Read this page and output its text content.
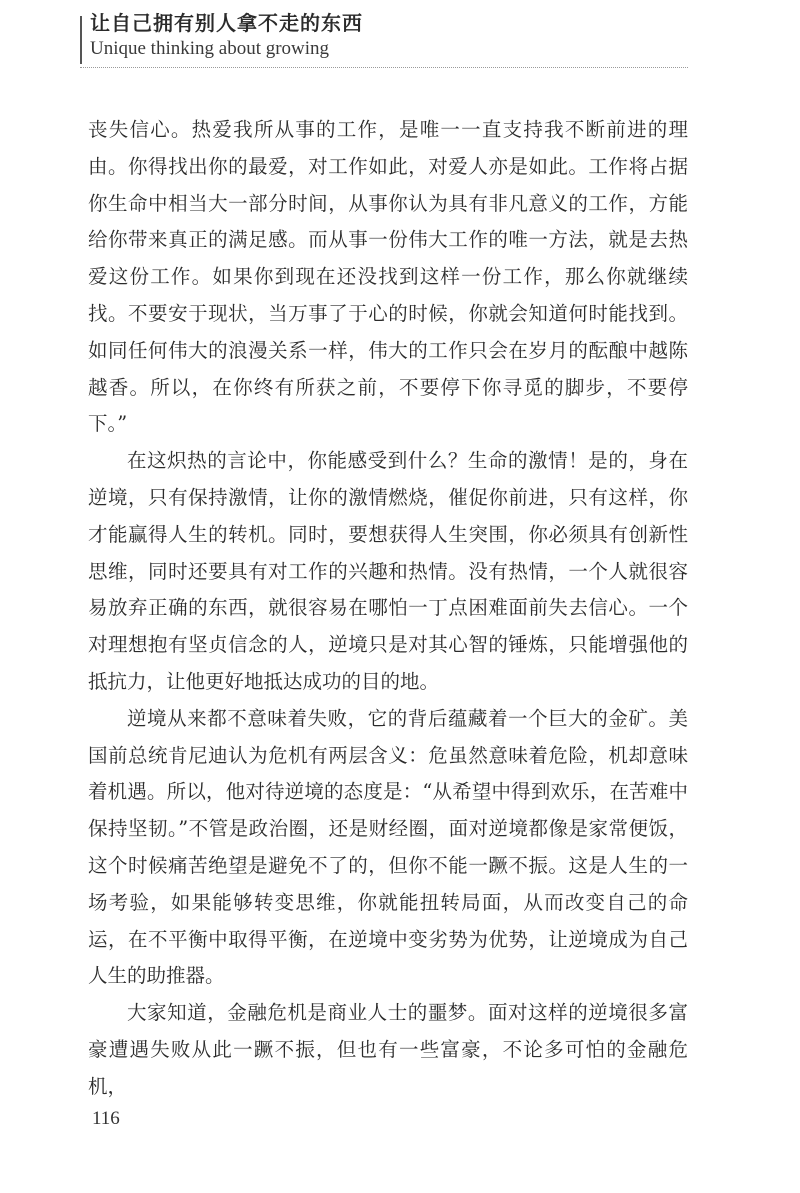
让自己拥有别人拿不走的东西
Unique thinking about growing

丧失信心。热爱我所从事的工作，是唯一一直支持我不断前进的理由。你得找出你的最爱，对工作如此，对爱人亦是如此。工作将占据你生命中相当大一部分时间，从事你认为具有非凡意义的工作，方能给你带来真正的满足感。而从事一份伟大工作的唯一方法，就是去热爱这份工作。如果你到现在还没找到这样一份工作，那么你就继续找。不要安于现状，当万事了于心的时候，你就会知道何时能找到。如同任何伟大的浪漫关系一样，伟大的工作只会在岁月的酝酿中越陈越香。所以，在你终有所获之前，不要停下你寻觅的脚步，不要停下。”

在这炽热的言论中，你能感受到什么？生命的激情！是的，身在逆境，只有保持激情，让你的激情燃烧，催促你前进，只有这样，你才能赢得人生的转机。同时，要想获得人生突围，你必须具有创新性思维，同时还要具有对工作的兴趣和热情。没有热情，一个人就很容易放弃正确的东西，就很容易在哪怕一丁点困难面前失去信心。一个对理想抱有坚贞信念的人，逆境只是对其心智的锤炼，只能增强他的抵抗力，让他更好地抵达成功的目的地。

逆境从来都不意味着失败，它的背后蕴藏着一个巨大的金矿。美国前总统肯尼迪认为危机有两层含义：危虽然意味着危险，机却意味着机遇。所以，他对待逆境的态度是：“从希望中得到欢乐，在苦难中保持坚韧。”不管是政治圈，还是财经圈，面对逆境都像是家常便饭，这个时候痛苦绝望是避免不了的，但你不能一蹶不振。这是人生的一场考验，如果能够转变思维，你就能扭转局面，从而改变自己的命运，在不平衡中取得平衡，在逆境中变劣势为优势，让逆境成为自己人生的助推器。

大家知道，金融危机是商业人士的噩梦。面对这样的逆境很多富豪遭遇失败从此一蹶不振，但也有一些富豪，不论多可怕的金融危机，

116
